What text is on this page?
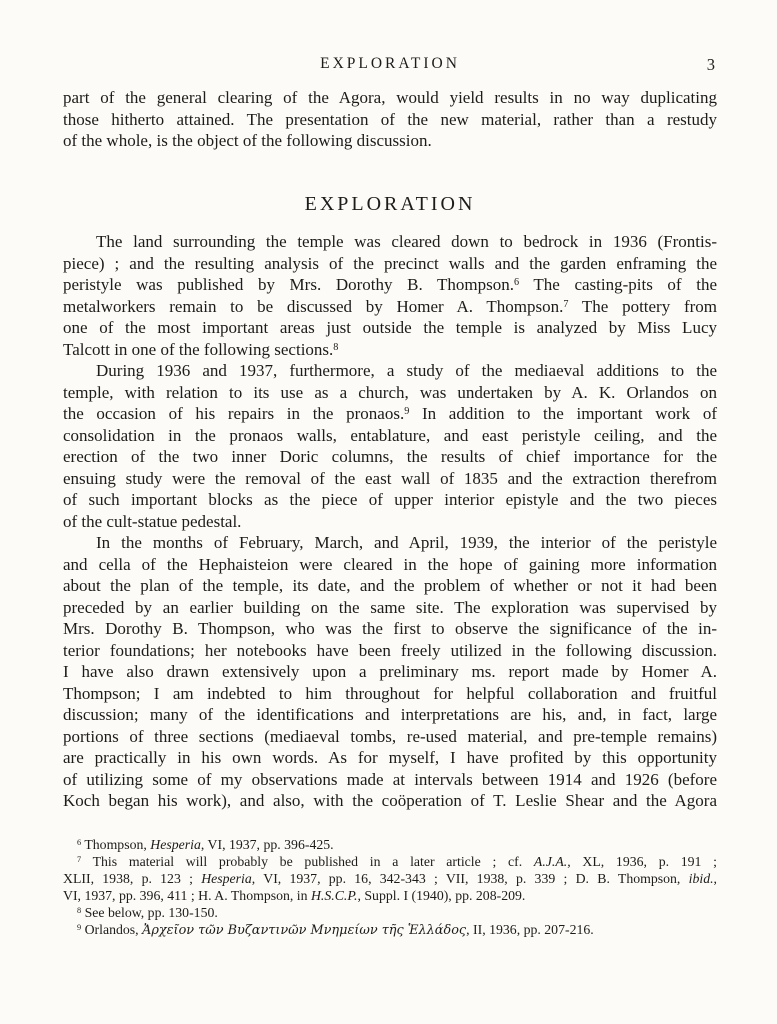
EXPLORATION	3
part of the general clearing of the Agora, would yield results in no way duplicating
those hitherto attained. The presentation of the new material, rather than a restudy
of the whole, is the object of the following discussion.
EXPLORATION
The land surrounding the temple was cleared down to bedrock in 1936 (Frontis-
piece) ; and the resulting analysis of the precinct walls and the garden enframing the
peristyle was published by Mrs. Dorothy B. Thompson.$^6$ The casting-pits of the
metalworkers remain to be discussed by Homer A. Thompson.$^7$ The pottery from
one of the most important areas just outside the temple is analyzed by Miss Lucy
Talcott in one of the following sections.$^8$
During 1936 and 1937, furthermore, a study of the mediaeval additions to the
temple, with relation to its use as a church, was undertaken by A. K. Orlandos on
the occasion of his repairs in the pronaos.$^9$ In addition to the important work of
consolidation in the pronaos walls, entablature, and east peristyle ceiling, and the
erection of the two inner Doric columns, the results of chief importance for the
ensuing study were the removal of the east wall of 1835 and the extraction therefrom
of such important blocks as the piece of upper interior epistyle and the two pieces
of the cult-statue pedestal.
In the months of February, March, and April, 1939, the interior of the peristyle
and cella of the Hephaisteion were cleared in the hope of gaining more information
about the plan of the temple, its date, and the problem of whether or not it had been
preceded by an earlier building on the same site. The exploration was supervised by
Mrs. Dorothy B. Thompson, who was the first to observe the significance of the in-
terior foundations; her notebooks have been freely utilized in the following discussion.
I have also drawn extensively upon a preliminary ms. report made by Homer A.
Thompson; I am indebted to him throughout for helpful collaboration and fruitful
discussion; many of the identifications and interpretations are his, and, in fact, large
portions of three sections (mediaeval tombs, re-used material, and pre-temple remains)
are practically in his own words. As for myself, I have profited by this opportunity
of utilizing some of my observations made at intervals between 1914 and 1926 (before
Koch began his work), and also, with the coöperation of T. Leslie Shear and the Agora
$^6$ Thompson, Hesperia, VI, 1937, pp. 396-425.
$^7$ This material will probably be published in a later article ; cf. A.J.A., XL, 1936, p. 191 ;
XLII, 1938, p. 123 ; Hesperia, VI, 1937, pp. 16, 342-343 ; VII, 1938, p. 339 ; D. B. Thompson, ibid.,
VI, 1937, pp. 396, 411 ; H. A. Thompson, in H.S.C.P., Suppl. I (1940), pp. 208-209.
$^8$ See below, pp. 130-150.
$^9$ Orlandos, Ἀρχεῖον τῶν Βυζαντινῶν Μνημείων τῆς Ἑλλάδος, II, 1936, pp. 207-216.
